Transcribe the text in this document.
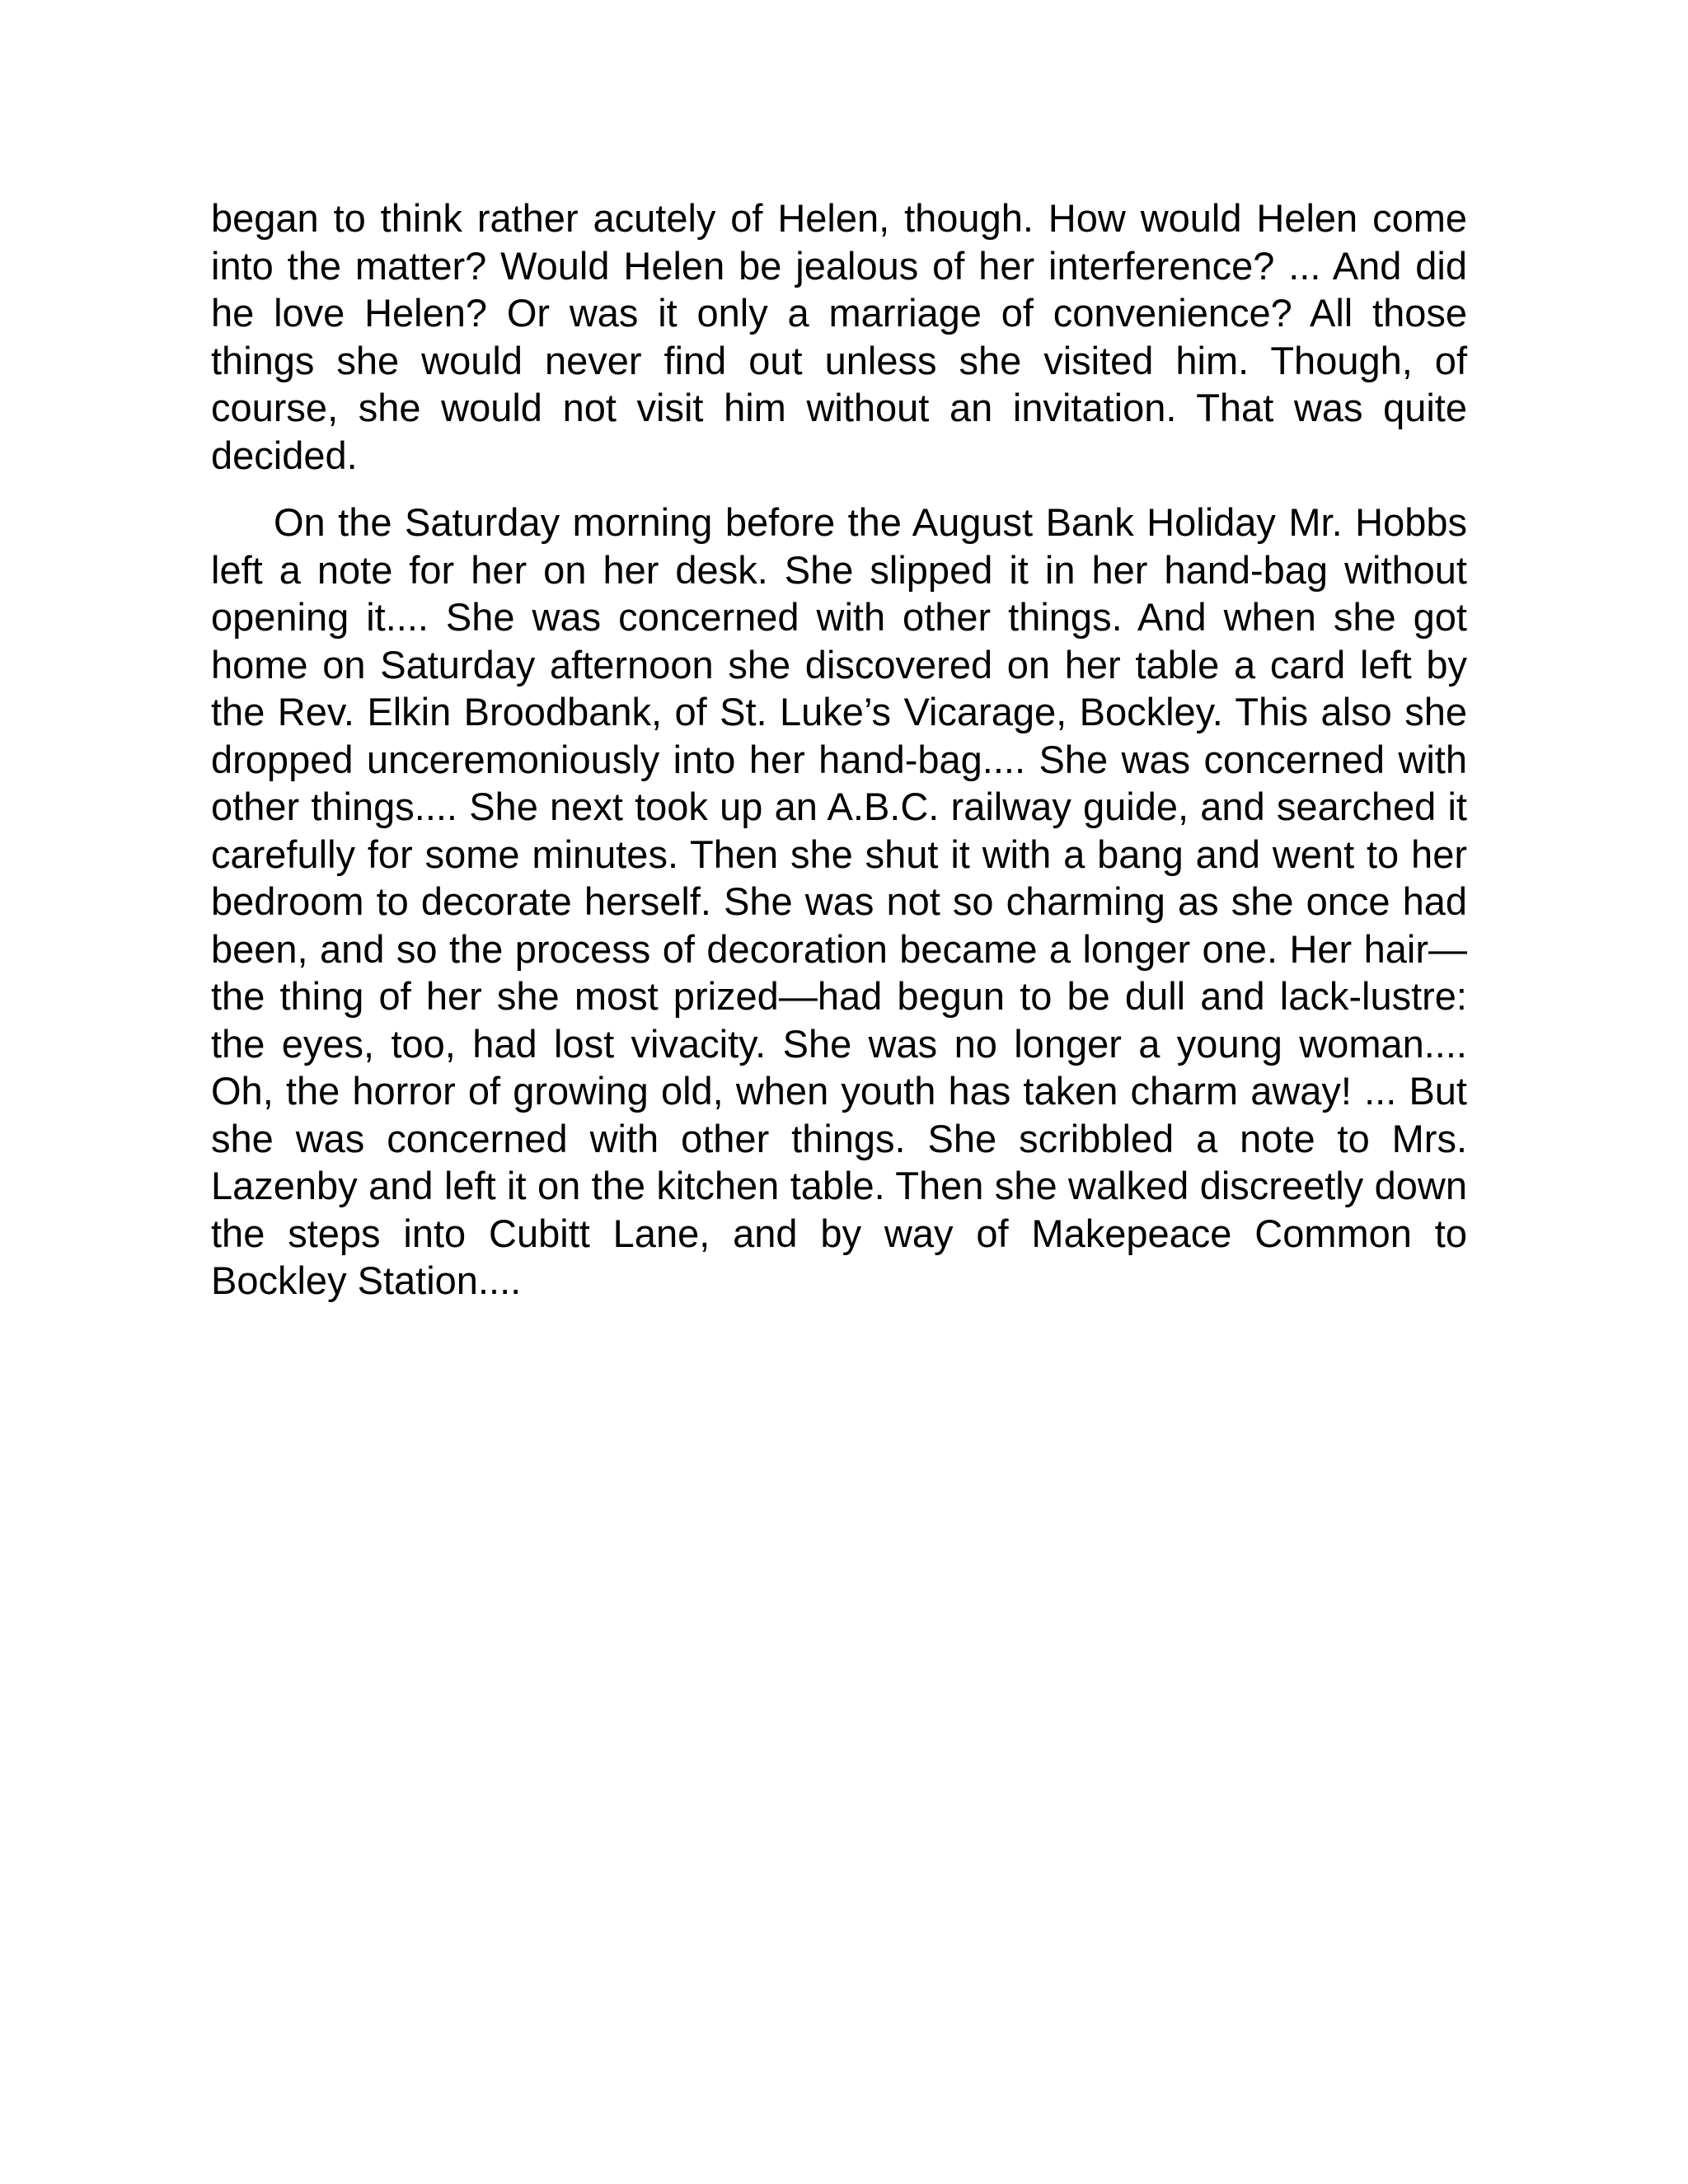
began to think rather acutely of Helen, though. How would Helen come into the matter? Would Helen be jealous of her interference? ... And did he love Helen? Or was it only a marriage of convenience? All those things she would never find out unless she visited him. Though, of course, she would not visit him without an invitation. That was quite decided.

On the Saturday morning before the August Bank Holiday Mr. Hobbs left a note for her on her desk. She slipped it in her hand-bag without opening it.... She was concerned with other things. And when she got home on Saturday afternoon she discovered on her table a card left by the Rev. Elkin Broodbank, of St. Luke’s Vicarage, Bockley. This also she dropped unceremoniously into her hand-bag.... She was concerned with other things.... She next took up an A.B.C. railway guide, and searched it carefully for some minutes. Then she shut it with a bang and went to her bedroom to decorate herself. She was not so charming as she once had been, and so the process of decoration became a longer one. Her hair—the thing of her she most prized—had begun to be dull and lack-lustre: the eyes, too, had lost vivacity. She was no longer a young woman.... Oh, the horror of growing old, when youth has taken charm away! ... But she was concerned with other things. She scribbled a note to Mrs. Lazenby and left it on the kitchen table. Then she walked discreetly down the steps into Cubitt Lane, and by way of Makepeace Common to Bockley Station....
